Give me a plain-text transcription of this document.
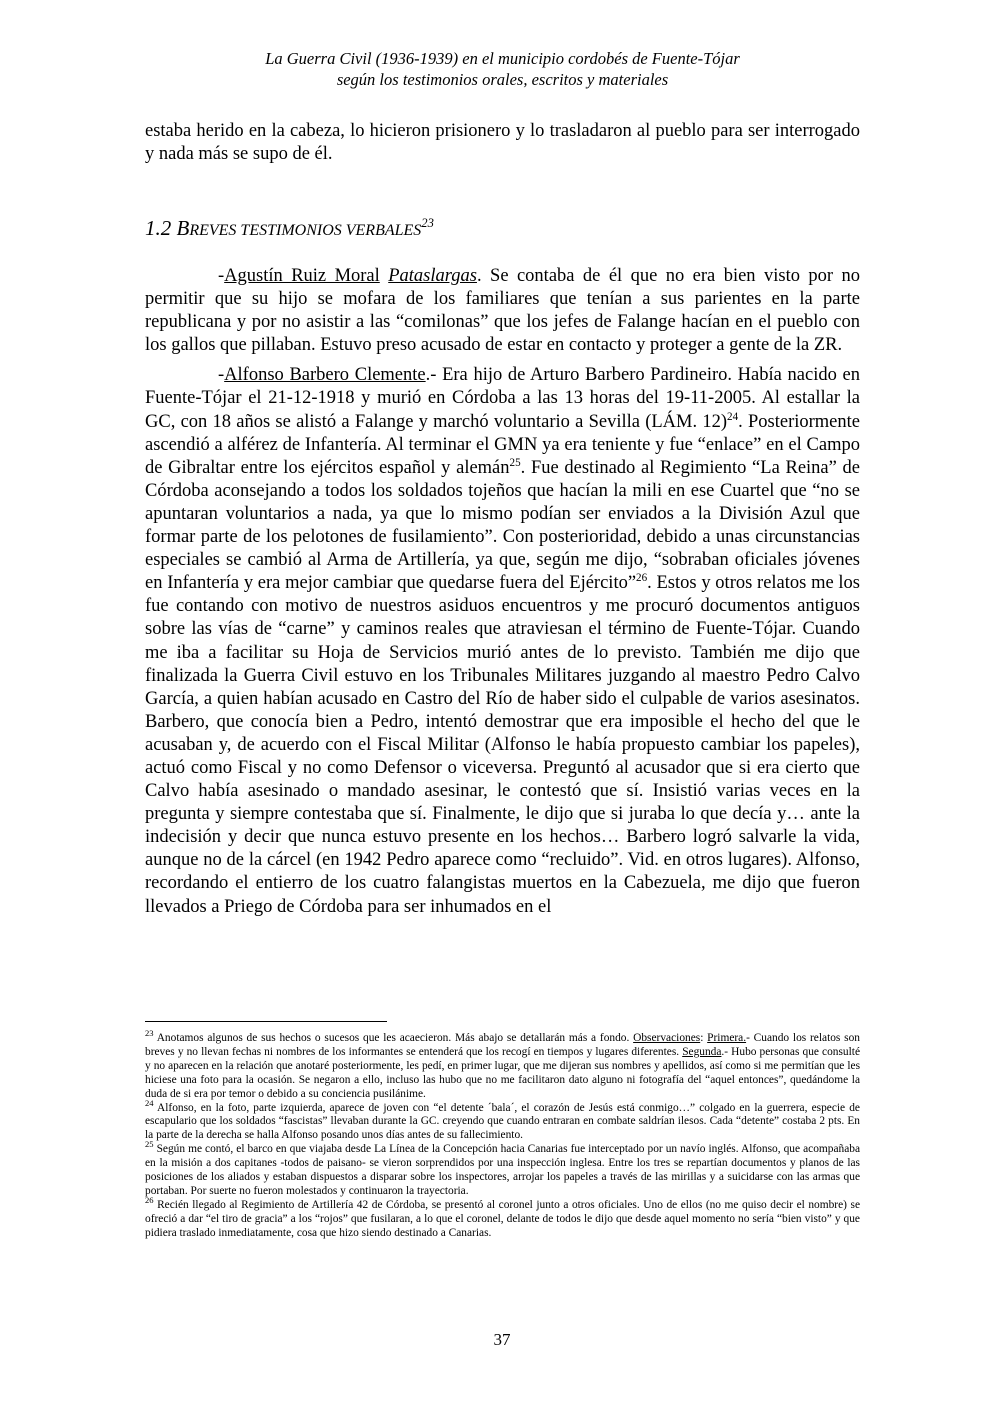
La Guerra Civil (1936-1939) en el municipio cordobés de Fuente-Tójar
según los testimonios orales, escritos y materiales

estaba herido en la cabeza, lo hicieron prisionero y lo trasladaron al pueblo para ser interrogado y nada más se supo de él.

1.2 BREVES TESTIMONIOS VERBALES$^{23}$

-Agustín Ruiz Moral Pataslargas. Se contaba de él que no era bien visto por no permitir que su hijo se mofara de los familiares que tenían a sus parientes en la parte republicana y por no asistir a las “comilonas” que los jefes de Falange hacían en el pueblo con los gallos que pillaban. Estuvo preso acusado de estar en contacto y proteger a gente de la ZR.

-Alfonso Barbero Clemente.- Era hijo de Arturo Barbero Pardineiro. Había nacido en Fuente-Tójar el 21-12-1918 y murió en Córdoba a las 13 horas del 19-11-2005. Al estallar la GC, con 18 años se alistó a Falange y marchó voluntario a Sevilla (LÁM. 12)$^{24}$. Posteriormente ascendió a alférez de Infantería. Al terminar el GMN ya era teniente y fue “enlace” en el Campo de Gibraltar entre los ejércitos español y alemán$^{25}$. Fue destinado al Regimiento “La Reina” de Córdoba aconsejando a todos los soldados tojeños que hacían la mili en ese Cuartel que “no se apuntaran voluntarios a nada, ya que lo mismo podían ser enviados a la División Azul que formar parte de los pelotones de fusilamiento”. Con posterioridad, debido a unas circunstancias especiales se cambió al Arma de Artillería, ya que, según me dijo, “sobraban oficiales jóvenes en Infantería y era mejor cambiar que quedarse fuera del Ejército”$^{26}$. Estos y otros relatos me los fue contando con motivo de nuestros asiduos encuentros y me procuró documentos antiguos sobre las vías de “carne” y caminos reales que atraviesan el término de Fuente-Tójar. Cuando me iba a facilitar su Hoja de Servicios murió antes de lo previsto. También me dijo que finalizada la Guerra Civil estuvo en los Tribunales Militares juzgando al maestro Pedro Calvo García, a quien habían acusado en Castro del Río de haber sido el culpable de varios asesinatos. Barbero, que conocía bien a Pedro, intentó demostrar que era imposible el hecho del que le acusaban y, de acuerdo con el Fiscal Militar (Alfonso le había propuesto cambiar los papeles), actuó como Fiscal y no como Defensor o viceversa. Preguntó al acusador que si era cierto que Calvo había asesinado o mandado asesinar, le contestó que sí. Insistió varias veces en la pregunta y siempre contestaba que sí. Finalmente, le dijo que si juraba lo que decía y… ante la indecisión y decir que nunca estuvo presente en los hechos… Barbero logró salvarle la vida, aunque no de la cárcel (en 1942 Pedro aparece como “recluido”. Vid. en otros lugares). Alfonso, recordando el entierro de los cuatro falangistas muertos en la Cabezuela, me dijo que fueron llevados a Priego de Córdoba para ser inhumados en el

$^{23}$ Anotamos algunos de sus hechos o sucesos que les acaecieron. Más abajo se detallarán más a fondo. Observaciones: Primera.- Cuando los relatos son breves y no llevan fechas ni nombres de los informantes se entenderá que los recogí en tiempos y lugares diferentes. Segunda.- Hubo personas que consulté y no aparecen en la relación que anotaré posteriormente, les pedí, en primer lugar, que me dijeran sus nombres y apellidos, así como si me permitían que les hiciese una foto para la ocasión. Se negaron a ello, incluso las hubo que no me facilitaron dato alguno ni fotografía del “aquel entonces”, quedándome la duda de si era por temor o debido a su conciencia pusilánime.

$^{24}$ Alfonso, en la foto, parte izquierda, aparece de joven con “el detente ´bala´, el corazón de Jesús está conmigo…” colgado en la guerrera, especie de escapulario que los soldados “fascistas” llevaban durante la GC. creyendo que cuando entraran en combate saldrían ilesos. Cada “detente” costaba 2 pts. En la parte de la derecha se halla Alfonso posando unos días antes de su fallecimiento.

$^{25}$ Según me contó, el barco en que viajaba desde La Línea de la Concepción hacia Canarias fue interceptado por un navío inglés. Alfonso, que acompañaba en la misión a dos capitanes -todos de paisano- se vieron sorprendidos por una inspección inglesa. Entre los tres se repartían documentos y planos de las posiciones de los aliados y estaban dispuestos a disparar sobre los inspectores, arrojar los papeles a través de las mirillas y a suicidarse con las armas que portaban. Por suerte no fueron molestados y continuaron la trayectoria.

$^{26}$ Recién llegado al Regimiento de Artillería 42 de Córdoba, se presentó al coronel junto a otros oficiales. Uno de ellos (no me quiso decir el nombre) se ofreció a dar “el tiro de gracia” a los “rojos” que fusilaran, a lo que el coronel, delante de todos le dijo que desde aquel momento no sería “bien visto” y que pidiera traslado inmediatamente, cosa que hizo siendo destinado a Canarias.

37
